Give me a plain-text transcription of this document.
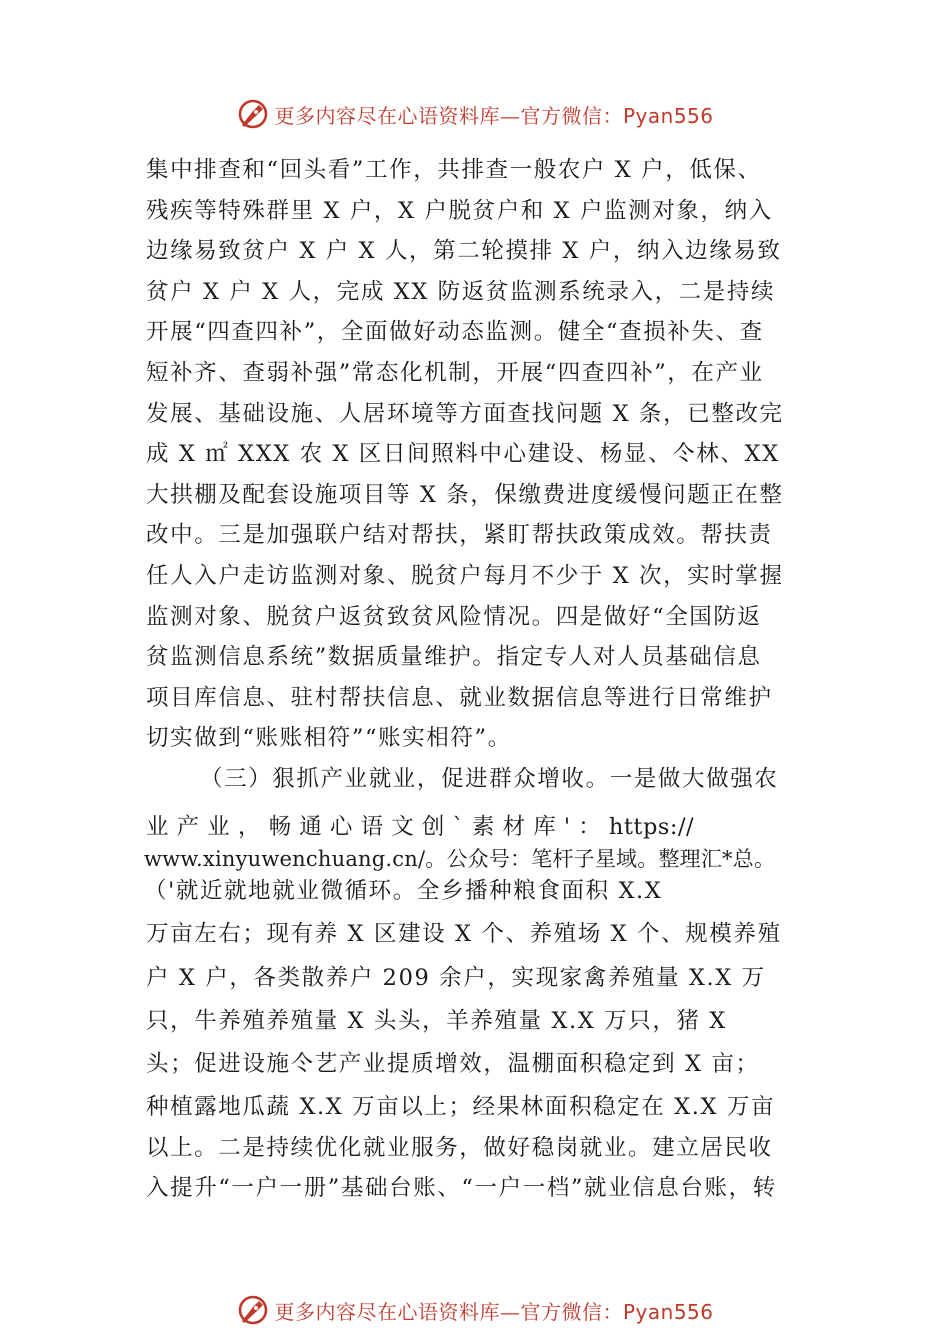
更多内容尽在心语资料库—官方微信：Pyan556
集中排查和“回头看”工作，共排查一般农户 X 户，低保、
残疾等特殊群里 X 户，X 户脱贫户和 X 户监测对象，纳入
边缘易致贫户 X 户 X 人，第二轮摸排 X 户，纳入边缘易致
贫户 X 户 X 人，完成 XX 防返贫监测系统录入，二是持续
开展“四查四补”，全面做好动态监测。健全“查损补失、查
短补齐、查弱补强”常态化机制，开展“四查四补”，在产业
发展、基础设施、人居环境等方面查找问题 X 条，已整改完
成 X ㎡ XXX 农 X 区日间照料中心建设、杨显、仒林、XX
大拱棚及配套设施项目等 X 条，保缴费进度缓慢问题正在整
改中。三是加强联户结对帮扶，紧盯帮扶政策成效。帮扶责
任人入户走访监测对象、脱贫户每月不少于 X 次，实时掌握
监测对象、脱贫户返贫致贫风险情况。四是做好“全国防返
贫监测信息系统”数据质量维护。指定专人对人员基础信息
项目库信息、驻村帮扶信息、就业数据信息等进行日常维护
切实做到“账账相符”“账实相符”。
（三）狠抓产业就业，促进群众增收。一是做大做强农
业 产 业 ， 畅 通 心 语 文 创 ` 素 材 库 ' ： https://
www.xinyuwenchuang.cn/。公众号：笔杆子星域。整理汇*总。
（'就近就地就业微循环。全乡播种粮食面积 X.X
万亩左右；现有养 X 区建设 X 个、养殖场 X 个、规模养殖
户 X 户，各类散养户 209 余户，实现家禽养殖量 X.X 万
只，牛养殖养殖量 X 头头，羊养殖量 X.X 万只，猪 X
头；促进设施仒艺产业提质增效，温棚面积稳定到 X 亩；
种植露地瓜蔬 X.X 万亩以上；经果林面积稳定在 X.X 万亩
以上。二是持续优化就业服务，做好稳岗就业。建立居民收
入提升“一户一册”基础台账、“一户一档”就业信息台账，转
更多内容尽在心语资料库—官方微信：Pyan556
